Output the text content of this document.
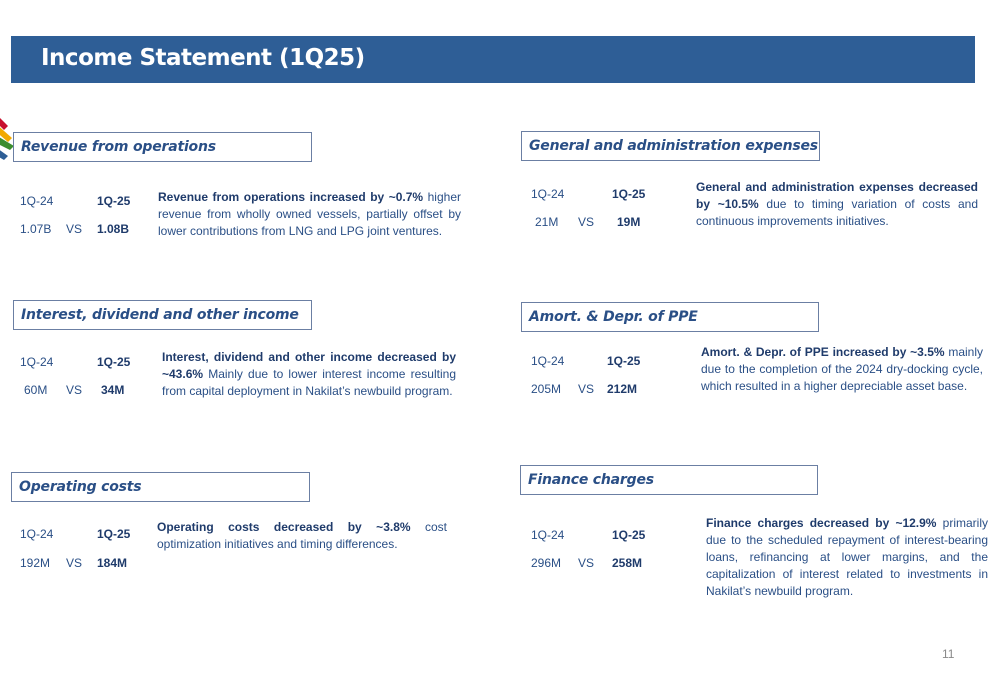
Income Statement (1Q25)
Revenue from operations
1Q-24	1Q-25
1.07B VS 1.08B
Revenue from operations increased by ~0.7% higher revenue from wholly owned vessels, partially offset by lower contributions from LNG and LPG joint ventures.
General and administration expenses
1Q-24	1Q-25
21M VS 19M
General and administration expenses decreased by ~10.5% due to timing variation of costs and continuous improvements initiatives.
Interest, dividend and other income
1Q-24	1Q-25
60M VS 34M
Interest, dividend and other income decreased by ~43.6% Mainly due to lower interest income resulting from capital deployment in Nakilat’s newbuild program.
Amort. & Depr. of PPE
1Q-24	1Q-25
205M VS 212M
Amort. & Depr. of PPE increased by ~3.5% mainly due to the completion of the 2024 dry-docking cycle, which resulted in a higher depreciable asset base.
Operating costs
1Q-24	1Q-25
192M VS 184M
Operating costs decreased by ~3.8% cost optimization initiatives and timing differences.
Finance charges
1Q-24	1Q-25
296M VS 258M
Finance charges decreased by ~12.9% primarily due to the scheduled repayment of interest-bearing loans, refinancing at lower margins, and the capitalization of interest related to investments in Nakilat’s newbuild program.
11
